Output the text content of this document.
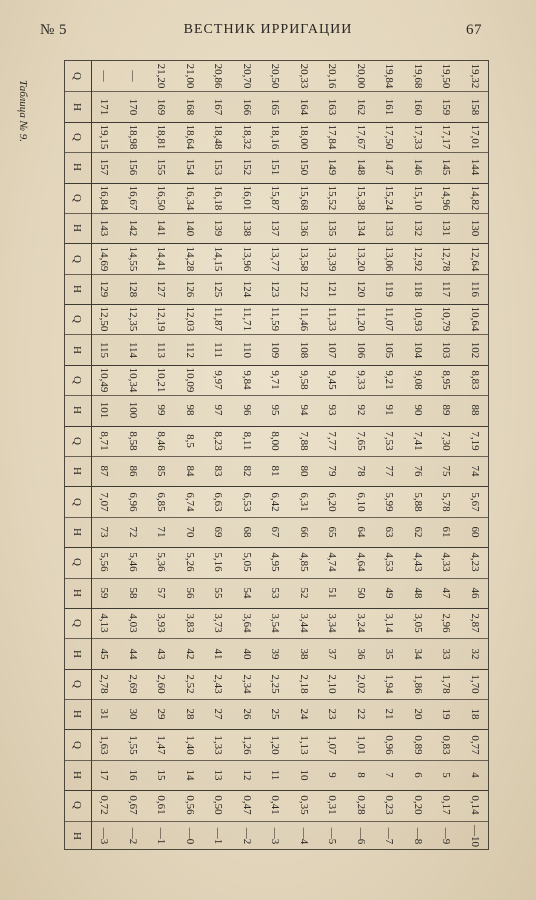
№ 5	ВЕСТНИК ИРРИГАЦИИ	67
Таблица № 9.
H
Q
H
Q
H
Q
H
Q
H
Q
H
Q
H
Q
H
Q
H
Q
H
Q
H
Q
H
Q
H
Q —
171
19,15
157
16,84
143
14,69
129
12,50
115
10,49
101
8,71
87
7,07
73
5,56
59
4,13
45
2,78
31
1,63
17
0,72
—3
—
170
18,98
156
16,67
142
14,55
128
12,35
114
10,34
100
8,58
86
6,96
72
5,46
58
4,03
44
2,69
30
1,55
16
0,67
—2
21,20
169
18,81
155
16,50
141
14,41
127
12,19
113
10,21
99
8,46
85
6,85
71
5,36
57
3,93
43
2,60
29
1,47
15
0,61
—1
21,00
168
18,64
154
16,34
140
14,28
126
12,03
112
10,09
98
8,5
84
6,74
70
5,26
56
3,83
42
2,52
28
1,40
14
0,56
—0
20,86
167
18,48
153
16,18
139
14,15
125
11,87
111
9,97
97
8,23
83
6,63
69
5,16
55
3,73
41
2,43
27
1,33
13
0,50
—1
20,70
166
18,32
152
16,01
138
13,96
124
11,71
110
9,84
96
8,11
82
6,53
68
5,05
54
3,64
40
2,34
26
1,26
12
0,47
—2
20,50
165
18,16
151
15,87
137
13,77
123
11,59
109
9,71
95
8,00
81
6,42
67
4,95
53
3,54
39
2,25
25
1,20
11
0,41
—3
20,33
164
18,00
150
15,68
136
13,58
122
11,46
108
9,58
94
7,88
80
6,31
66
4,85
52
3,44
38
2,18
24
1,13
10
0,35
—4
20,16
163
17,84
149
15,52
135
13,39
121
11,33
107
9,45
93
7,77
79
6,20
65
4,74
51
3,34
37
2,10
23
1,07
9
0,31
—5
20,00
162
17,67
148
15,38
134
13,20
120
11,20
106
9,33
92
7,65
78
6,10
64
4,64
50
3,24
36
2,02
22
1,01
8
0,28
—6
19,84
161
17,50
147
15,24
133
13,06
119
11,07
105
9,21
91
7,53
77
5,99
63
4,53
49
3,14
35
1,94
21
0,96
7
0,23
—7
19,68
160
17,33
146
15,10
132
12,92
118
10,93
104
9,08
90
7,41
76
5,88
62
4,43
48
3,05
34
1,86
20
0,89
6
0,20
—8
19,50
159
17,17
145
14,96
131
12,78
117
10,79
103
8,95
89
7,30
75
5,78
61
4,33
47
2,96
33
1,78
19
0,83
5
0,17
—9
19,32
158
17,01
144
14,82
130
12,64
116
10,64
102
8,83
88
7,19
74
5,67
60
4,23
46
2,87
32
1,70
18
0,77
4
0,14
—10
